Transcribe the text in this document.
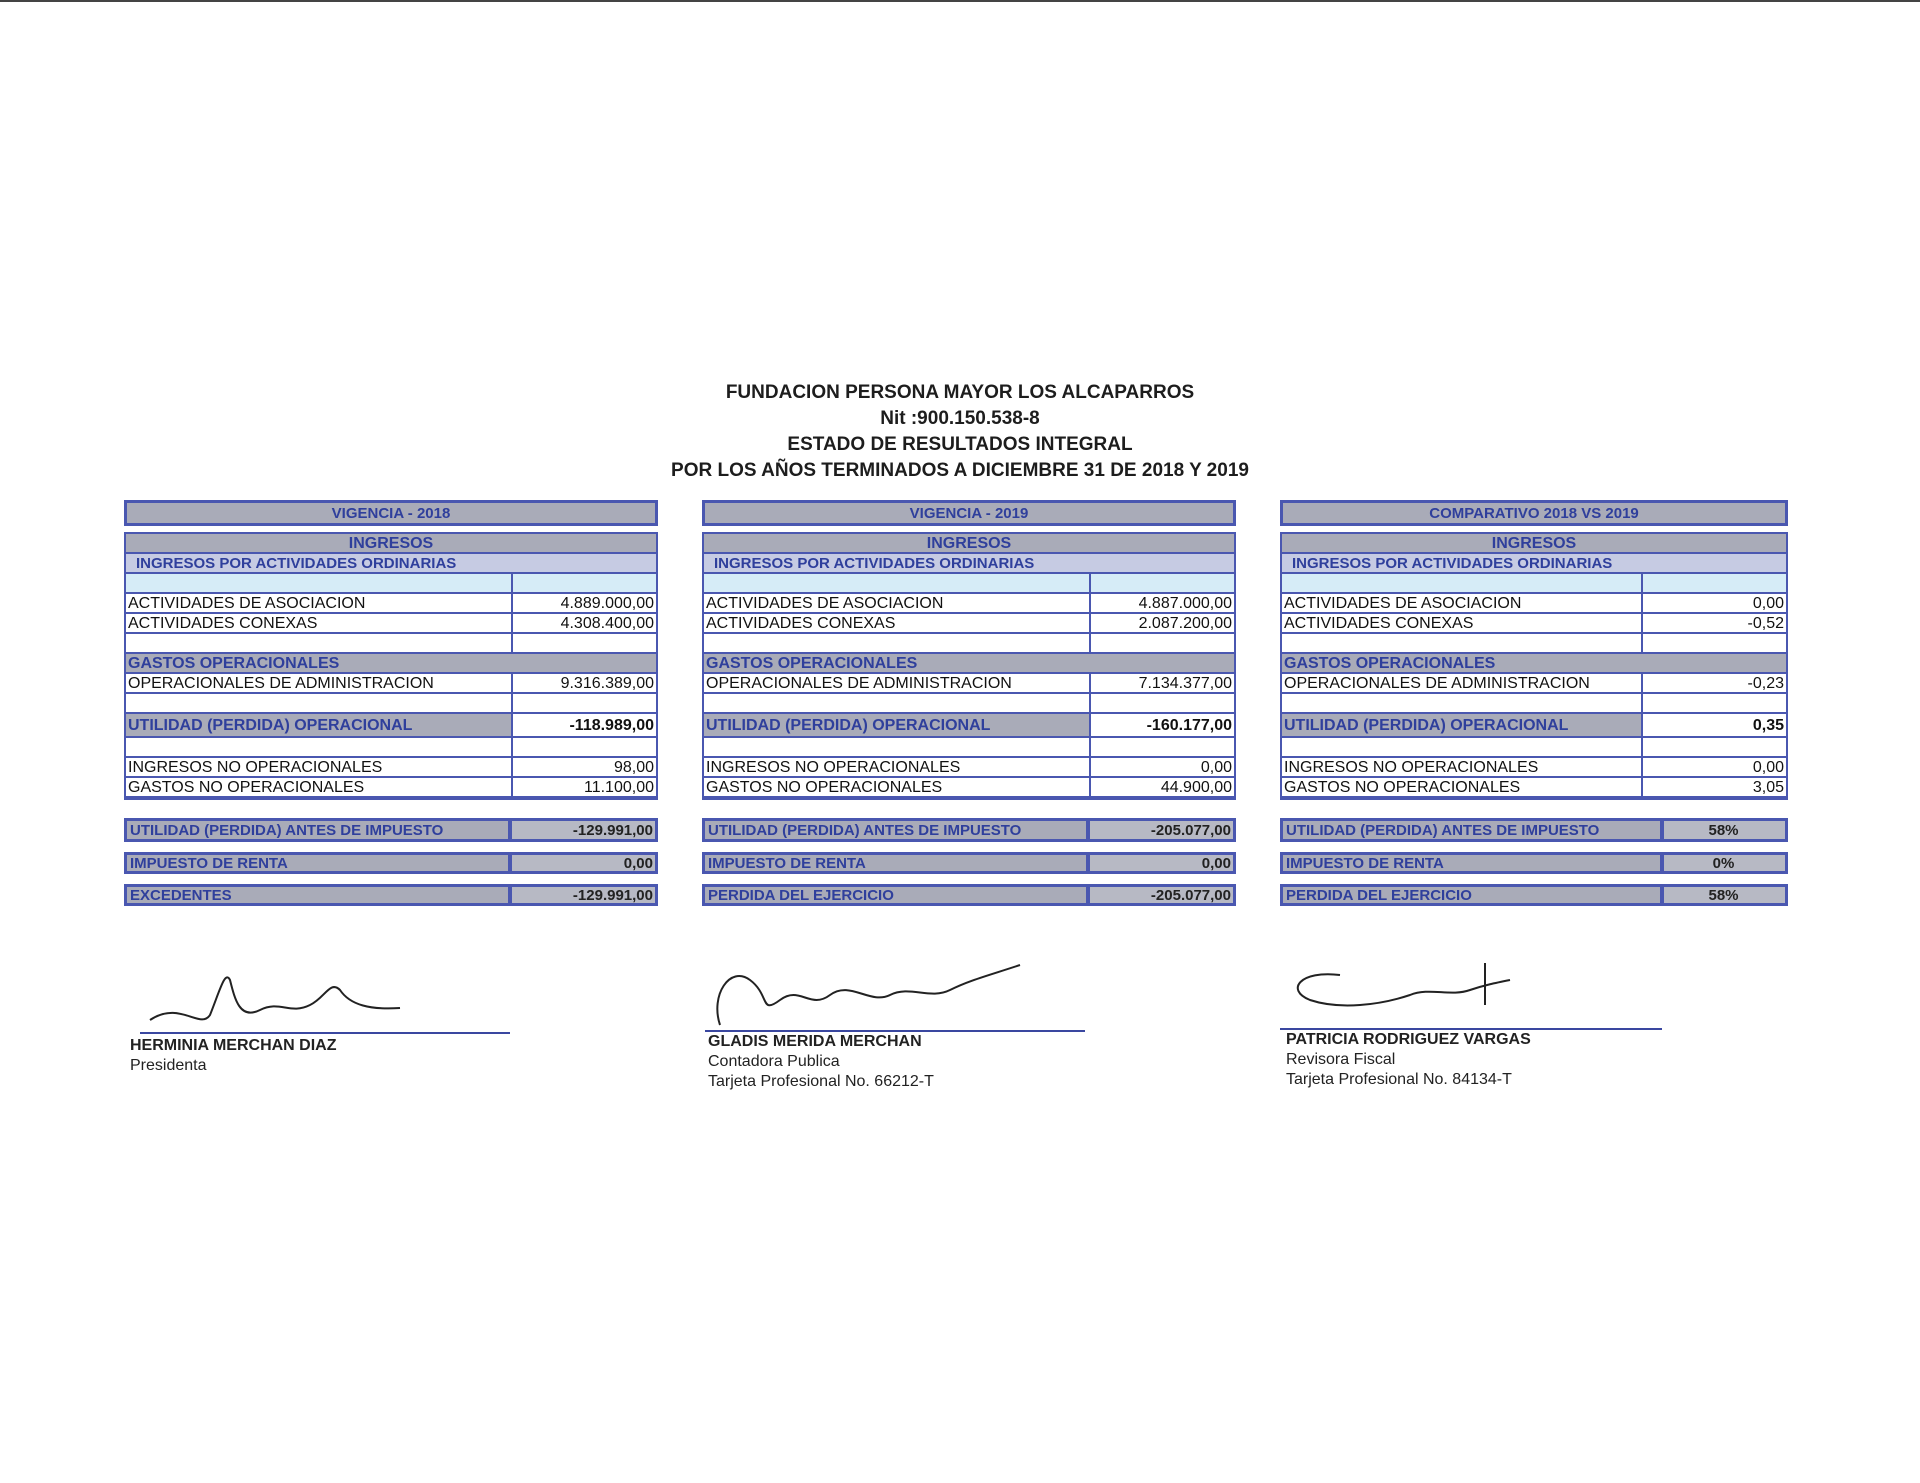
FUNDACION PERSONA MAYOR LOS ALCAPARROS
Nit :900.150.538-8
ESTADO DE RESULTADOS INTEGRAL
POR LOS AÑOS TERMINADOS A DICIEMBRE 31 DE 2018 Y 2019
VIGENCIA - 2018
INGRESOS
INGRESOS POR ACTIVIDADES ORDINARIAS
ACTIVIDADES DE ASOCIACION	4.889.000,00
ACTIVIDADES CONEXAS	4.308.400,00
GASTOS OPERACIONALES
OPERACIONALES DE ADMINISTRACION	9.316.389,00
UTILIDAD (PERDIDA) OPERACIONAL	-118.989,00
INGRESOS NO OPERACIONALES	98,00
GASTOS NO OPERACIONALES	11.100,00
UTILIDAD (PERDIDA) ANTES DE IMPUESTO	-129.991,00
IMPUESTO DE RENTA	0,00
EXCEDENTES	-129.991,00
VIGENCIA - 2019
INGRESOS
INGRESOS POR ACTIVIDADES ORDINARIAS
ACTIVIDADES DE ASOCIACION	4.887.000,00
ACTIVIDADES CONEXAS	2.087.200,00
GASTOS OPERACIONALES
OPERACIONALES DE ADMINISTRACION	7.134.377,00
UTILIDAD (PERDIDA) OPERACIONAL	-160.177,00
INGRESOS NO OPERACIONALES	0,00
GASTOS NO OPERACIONALES	44.900,00
UTILIDAD (PERDIDA) ANTES DE IMPUESTO	-205.077,00
IMPUESTO DE RENTA	0,00
PERDIDA DEL EJERCICIO	-205.077,00
COMPARATIVO 2018 VS 2019
INGRESOS
INGRESOS POR ACTIVIDADES ORDINARIAS
ACTIVIDADES DE ASOCIACION	0,00
ACTIVIDADES CONEXAS	-0,52
GASTOS OPERACIONALES
OPERACIONALES DE ADMINISTRACION	-0,23
UTILIDAD (PERDIDA) OPERACIONAL	0,35
INGRESOS NO OPERACIONALES	0,00
GASTOS NO OPERACIONALES	3,05
UTILIDAD (PERDIDA) ANTES DE IMPUESTO	58%
IMPUESTO DE RENTA	0%
PERDIDA DEL EJERCICIO	58%
HERMINIA MERCHAN DIAZ
Presidenta
GLADIS MERIDA MERCHAN
Contadora Publica
Tarjeta Profesional No. 66212-T
PATRICIA RODRIGUEZ VARGAS
Revisora Fiscal
Tarjeta Profesional No. 84134-T
